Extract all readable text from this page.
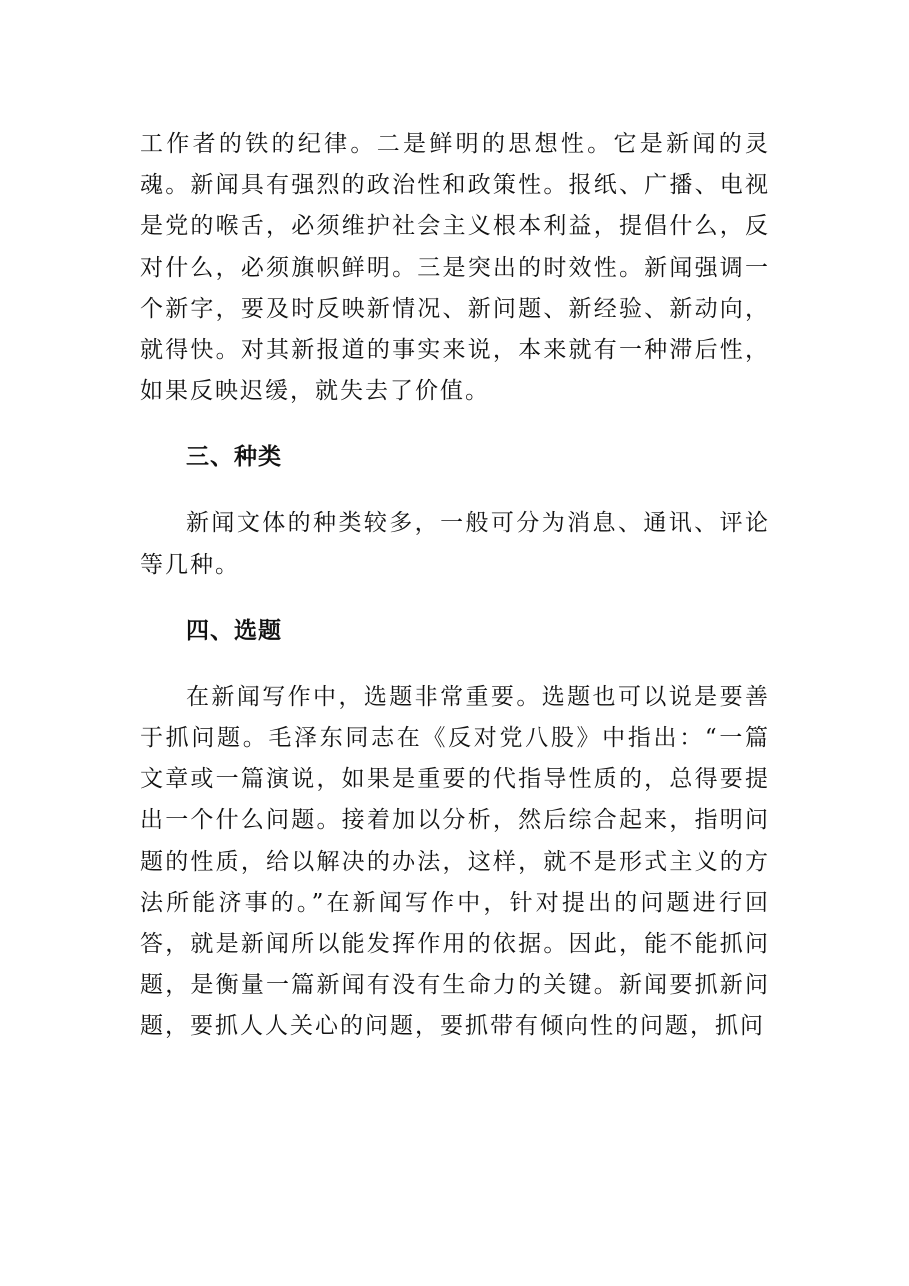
工作者的铁的纪律。二是鲜明的思想性。它是新闻的灵魂。新闻具有强烈的政治性和政策性。报纸、广播、电视是党的喉舌，必须维护社会主义根本利益，提倡什么，反对什么，必须旗帜鲜明。三是突出的时效性。新闻强调一个新字，要及时反映新情况、新问题、新经验、新动向，就得快。对其新报道的事实来说，本来就有一种滞后性，如果反映迟缓，就失去了价值。

三、种类

新闻文体的种类较多，一般可分为消息、通讯、评论等几种。

四、选题

在新闻写作中，选题非常重要。选题也可以说是要善于抓问题。毛泽东同志在《反对党八股》中指出：“一篇文章或一篇演说，如果是重要的代指导性质的，总得要提出一个什么问题。接着加以分析，然后综合起来，指明问题的性质，给以解决的办法，这样，就不是形式主义的方法所能济事的。”在新闻写作中，针对提出的问题进行回答，就是新闻所以能发挥作用的依据。因此，能不能抓问题，是衡量一篇新闻有没有生命力的关键。新闻要抓新问题，要抓人人关心的问题，要抓带有倾向性的问题，抓问
